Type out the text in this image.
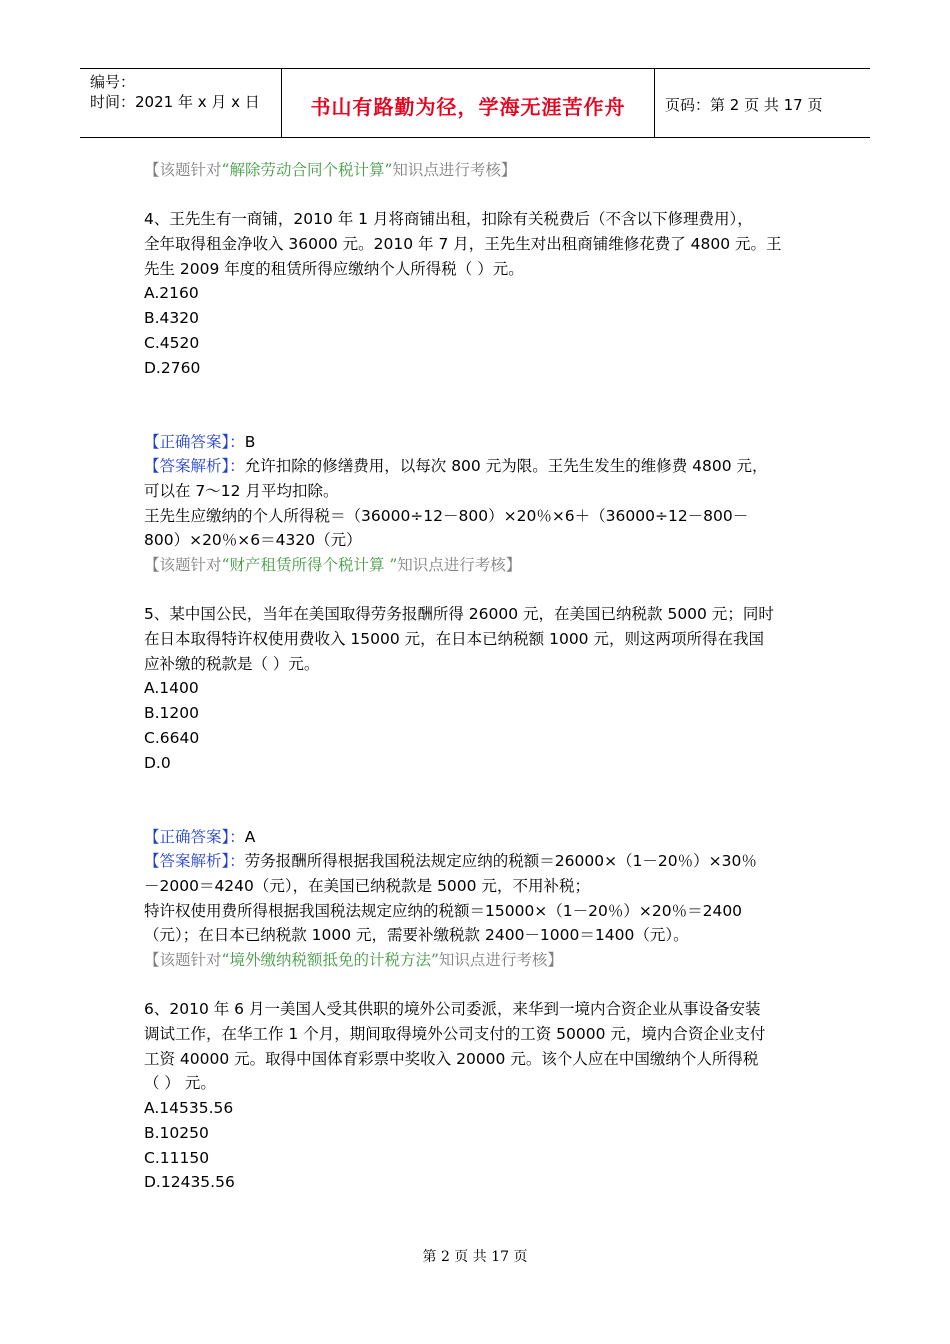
编号：
时间：2021 年 x 月 x 日	书山有路勤为径，学海无涯苦作舟	页码：第 2 页 共 17 页
【该题针对“解除劳动合同个税计算”知识点进行考核】
4、王先生有一商铺，2010 年 1 月将商铺出租，扣除有关税费后（不含以下修理费用），
全年取得租金净收入 36000 元。2010 年 7 月，王先生对出租商铺维修花费了 4800 元。王
先生 2009 年度的租赁所得应缴纳个人所得税（ ）元。
A.2160
B.4320
C.4520
D.2760
【正确答案】：B
【答案解析】：允许扣除的修缮费用，以每次 800 元为限。王先生发生的维修费 4800 元，
可以在 7～12 月平均扣除。
王先生应缴纳的个人所得税＝（36000÷12－800）×20％×6＋（36000÷12－800－
800）×20％×6＝4320（元）
【该题针对“财产租赁所得个税计算 ”知识点进行考核】
5、某中国公民，当年在美国取得劳务报酬所得 26000 元，在美国已纳税款 5000 元；同时
在日本取得特许权使用费收入 15000 元，在日本已纳税额 1000 元，则这两项所得在我国
应补缴的税款是（ ）元。
A.1400
B.1200
C.6640
D.0
【正确答案】：A
【答案解析】：劳务报酬所得根据我国税法规定应纳的税额＝26000×（1－20％）×30％
－2000＝4240（元），在美国已纳税款是 5000 元，不用补税；
特许权使用费所得根据我国税法规定应纳的税额＝15000×（1－20％）×20％＝2400
（元）；在日本已纳税款 1000 元，需要补缴税款 2400－1000＝1400（元）。
【该题针对“境外缴纳税额抵免的计税方法”知识点进行考核】
6、2010 年 6 月一美国人受其供职的境外公司委派，来华到一境内合资企业从事设备安装
调试工作，在华工作 1 个月，期间取得境外公司支付的工资 50000 元，境内合资企业支付
工资 40000 元。取得中国体育彩票中奖收入 20000 元。该个人应在中国缴纳个人所得税
（ ） 元。
A.14535.56
B.10250
C.11150
D.12435.56
第 2 页 共 17 页
